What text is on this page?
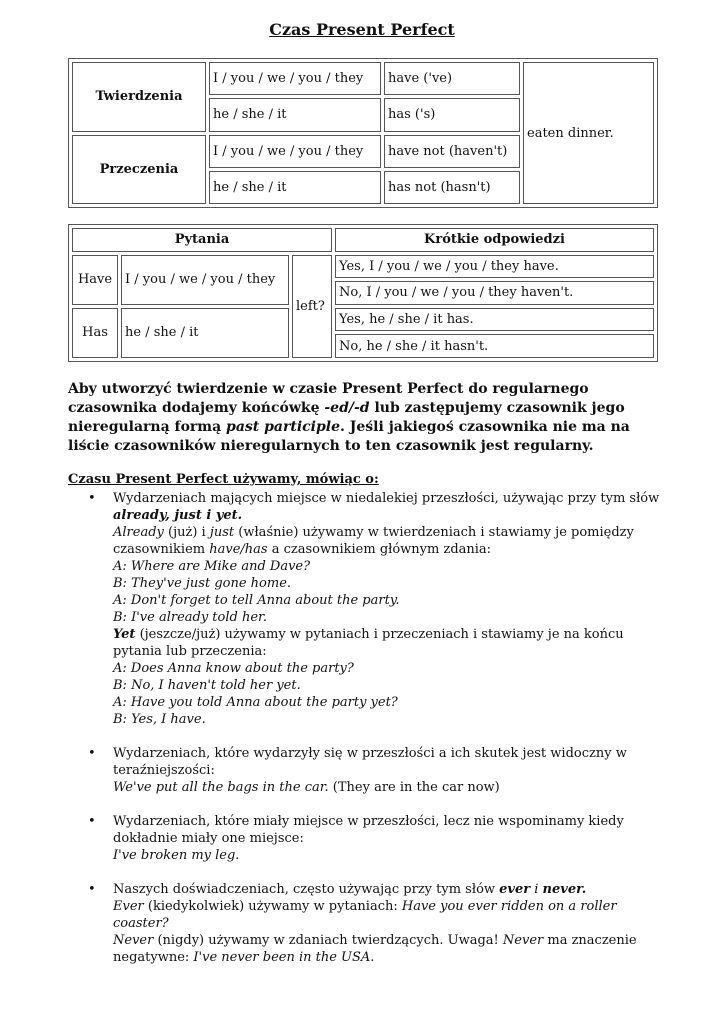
Czas Present Perfect
Twierdzenia	I / you / we / you / they	have ('ve)	eaten dinner.
	he / she / it	has ('s)	
Przeczenia	I / you / we / you / they	have not (haven't)	
	he / she / it	has not (hasn't)	
Pytania			Krótkie odpowiedzi
Have	I / you / we / you / they	left?	Yes, I / you / we / you / they have.
			No, I / you / we / you / they haven't.
Has	he / she / it		Yes, he / she / it has.
			No, he / she / it hasn't.
Aby utworzyć twierdzenie w czasie Present Perfect do regularnego czasownika dodajemy końcówkę -ed/-d lub zastępujemy czasownik jego nieregularną formą past participle. Jeśli jakiegoś czasownika nie ma na liście czasowników nieregularnych to ten czasownik jest regularny.
Czasu Present Perfect używamy, mówiąc o:
• Wydarzeniach mających miejsce w niedalekiej przeszłości, używając przy tym słów already, just i yet.
Already (już) i just (właśnie) używamy w twierdzeniach i stawiamy je pomiędzy czasownikiem have/has a czasownikiem głównym zdania:
A: Where are Mike and Dave?
B: They've just gone home.
A: Don't forget to tell Anna about the party.
B: I've already told her.
Yet (jeszcze/już) używamy w pytaniach i przeczeniach i stawiamy je na końcu pytania lub przeczenia:
A: Does Anna know about the party?
B: No, I haven't told her yet.
A: Have you told Anna about the party yet?
B: Yes, I have.
• Wydarzeniach, które wydarzyły się w przeszłości a ich skutek jest widoczny w teraźniejszości:
We've put all the bags in the car. (They are in the car now)
• Wydarzeniach, które miały miejsce w przeszłości, lecz nie wspominamy kiedy dokładnie miały one miejsce:
I've broken my leg.
• Naszych doświadczeniach, często używając przy tym słów ever i never.
Ever (kiedykolwiek) używamy w pytaniach: Have you ever ridden on a roller coaster?
Never (nigdy) używamy w zdaniach twierdzących. Uwaga! Never ma znaczenie negatywne: I've never been in the USA.
